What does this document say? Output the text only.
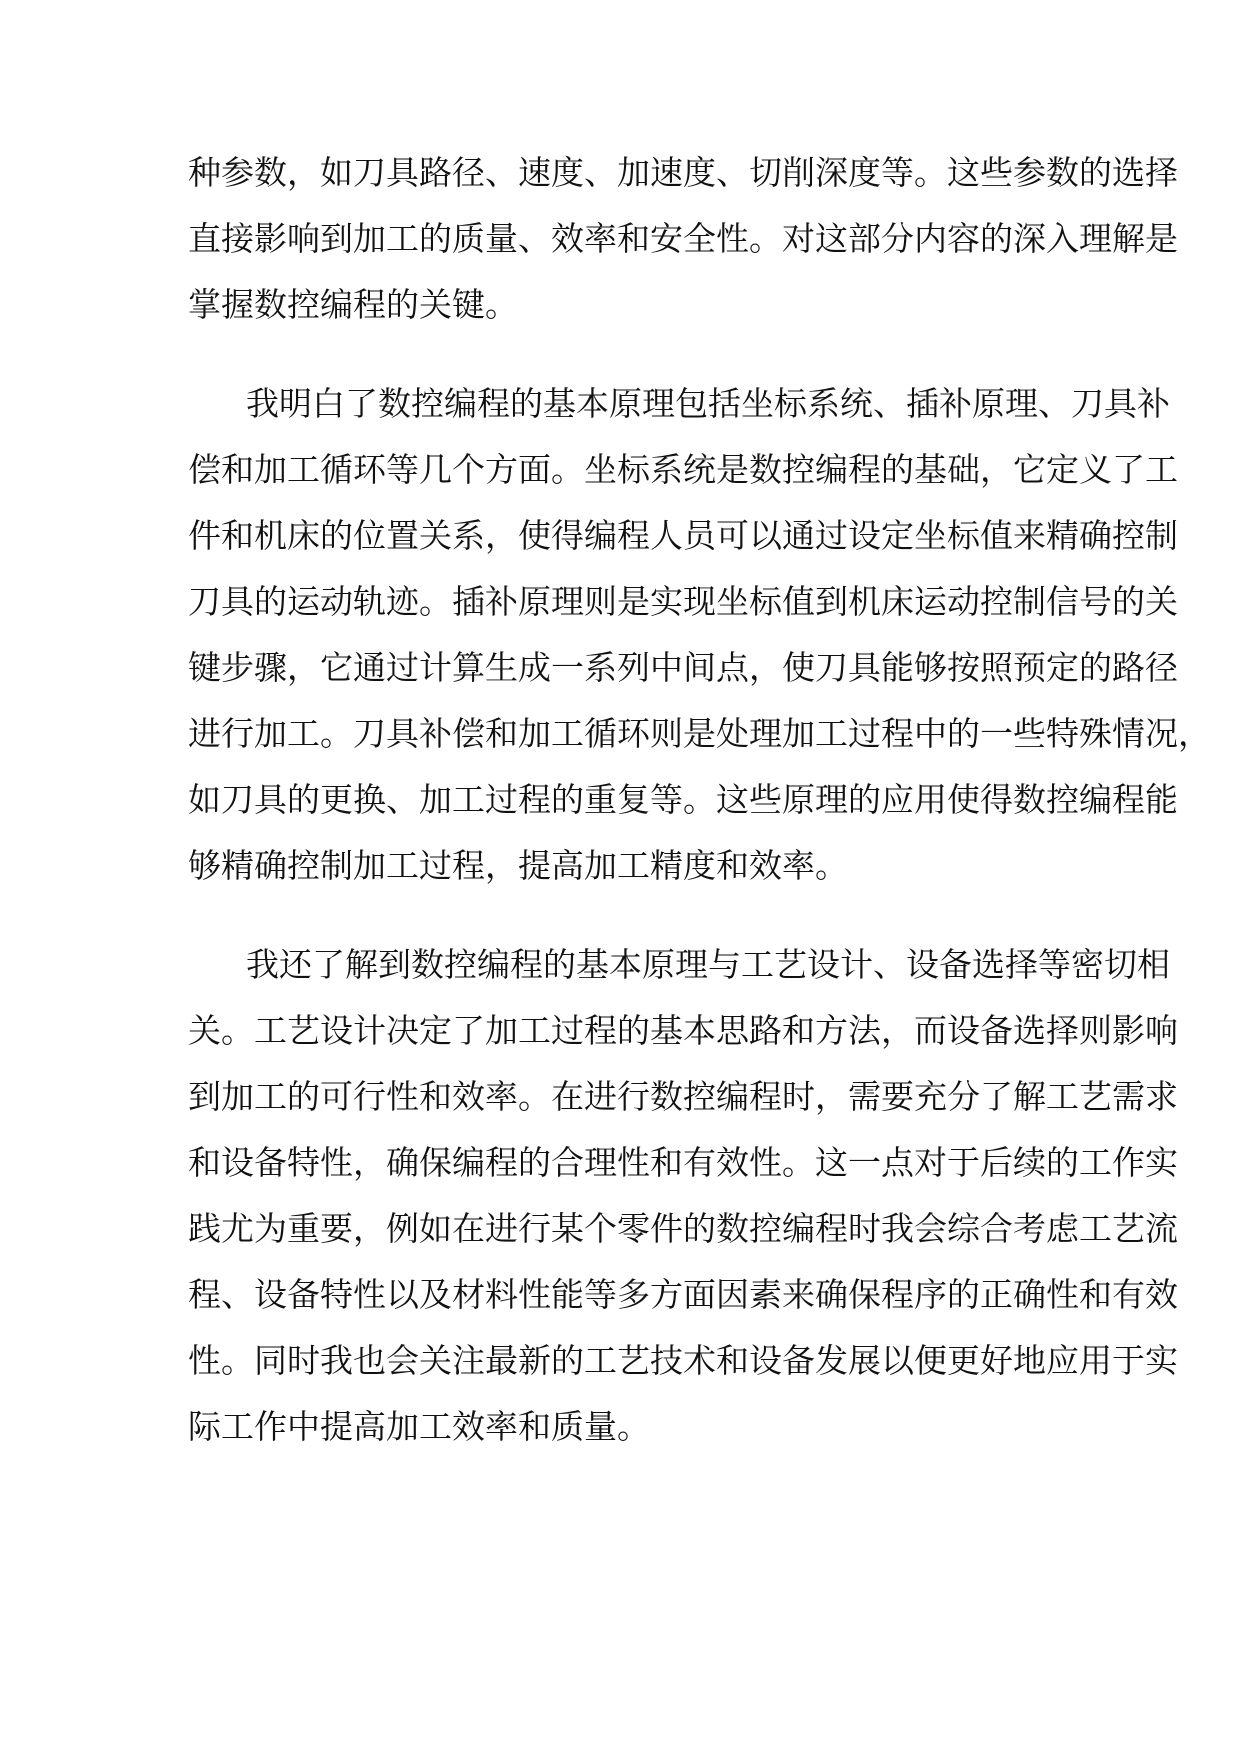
种参数，如刀具路径、速度、加速度、切削深度等。这些参数的选择
直接影响到加工的质量、效率和安全性。对这部分内容的深入理解是
掌握数控编程的关键。
我明白了数控编程的基本原理包括坐标系统、插补原理、刀具补
偿和加工循环等几个方面。坐标系统是数控编程的基础，它定义了工
件和机床的位置关系，使得编程人员可以通过设定坐标值来精确控制
刀具的运动轨迹。插补原理则是实现坐标值到机床运动控制信号的关
键步骤，它通过计算生成一系列中间点，使刀具能够按照预定的路径
进行加工。刀具补偿和加工循环则是处理加工过程中的一些特殊情况，
如刀具的更换、加工过程的重复等。这些原理的应用使得数控编程能
够精确控制加工过程，提高加工精度和效率。
我还了解到数控编程的基本原理与工艺设计、设备选择等密切相
关。工艺设计决定了加工过程的基本思路和方法，而设备选择则影响
到加工的可行性和效率。在进行数控编程时，需要充分了解工艺需求
和设备特性，确保编程的合理性和有效性。这一点对于后续的工作实
践尤为重要，例如在进行某个零件的数控编程时我会综合考虑工艺流
程、设备特性以及材料性能等多方面因素来确保程序的正确性和有效
性。同时我也会关注最新的工艺技术和设备发展以便更好地应用于实
际工作中提高加工效率和质量。
